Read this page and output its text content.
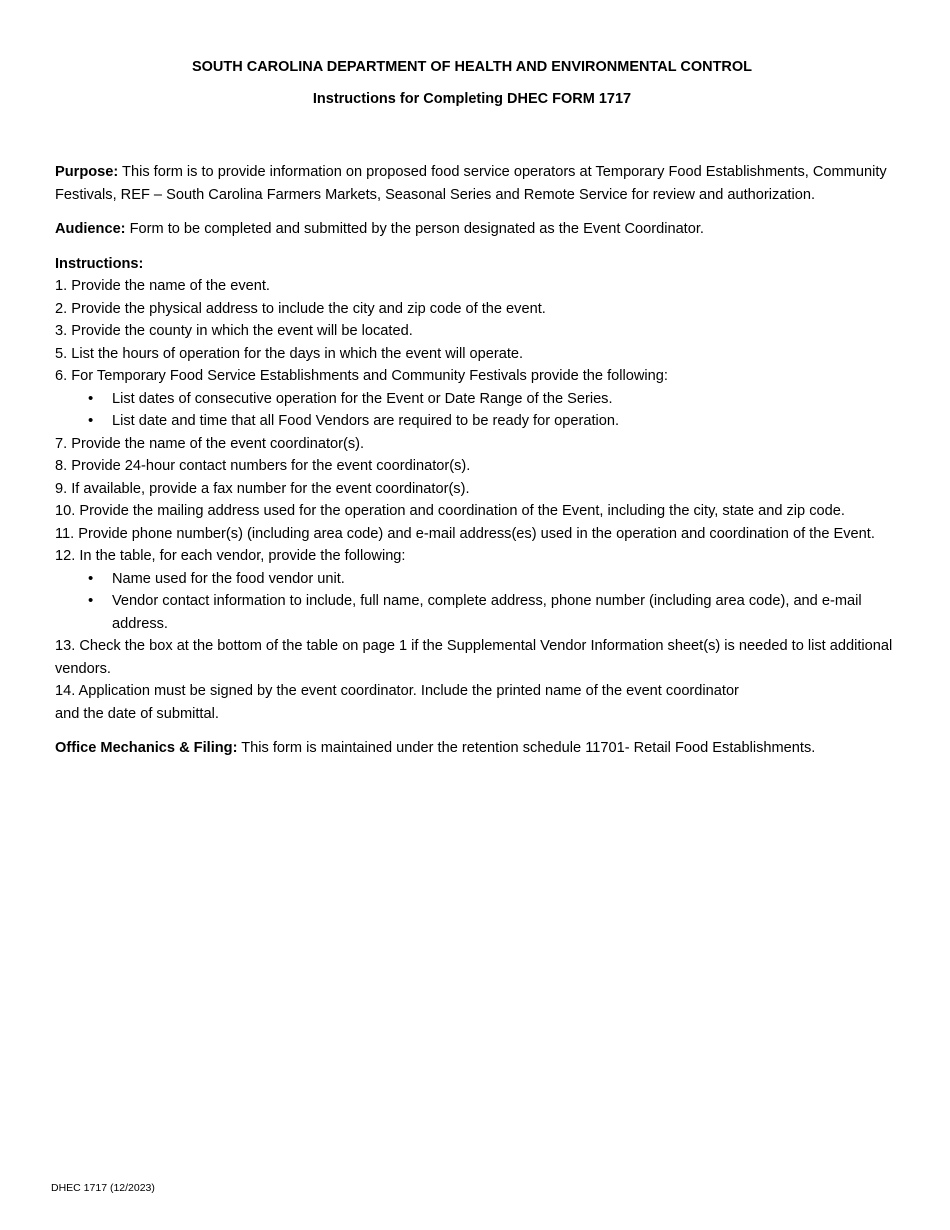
SOUTH CAROLINA DEPARTMENT OF HEALTH AND ENVIRONMENTAL CONTROL
Instructions for Completing DHEC FORM 1717

Purpose: This form is to provide information on proposed food service operators at Temporary Food Establishments, Community Festivals, REF – South Carolina Farmers Markets, Seasonal Series and Remote Service for review and authorization.

Audience: Form to be completed and submitted by the person designated as the Event Coordinator.

Instructions:

1. Provide the name of the event.

2. Provide the physical address to include the city and zip code of the event.

3. Provide the county in which the event will be located.

5. List the hours of operation for the days in which the event will operate.

6. For Temporary Food Service Establishments and Community Festivals provide the following:

• List dates of consecutive operation for the Event or Date Range of the Series.
• List date and time that all Food Vendors are required to be ready for operation.

7. Provide the name of the event coordinator(s).

8. Provide 24-hour contact numbers for the event coordinator(s).

9. If available, provide a fax number for the event coordinator(s).

10. Provide the mailing address used for the operation and coordination of the Event, including the city, state and zip code.

11. Provide phone number(s) (including area code) and e-mail address(es) used in the operation and coordination of the Event.

12. In the table, for each vendor, provide the following:

• Name used for the food vendor unit.
• Vendor contact information to include, full name, complete address, phone number (including area code), and e-mail address.

13. Check the box at the bottom of the table on page 1 if the Supplemental Vendor Information sheet(s) is needed to list additional vendors.

14. Application must be signed by the event coordinator. Include the printed name of the event coordinator

and the date of submittal.

Office Mechanics & Filing: This form is maintained under the retention schedule 11701- Retail Food Establishments.

DHEC 1717 (12/2023)
